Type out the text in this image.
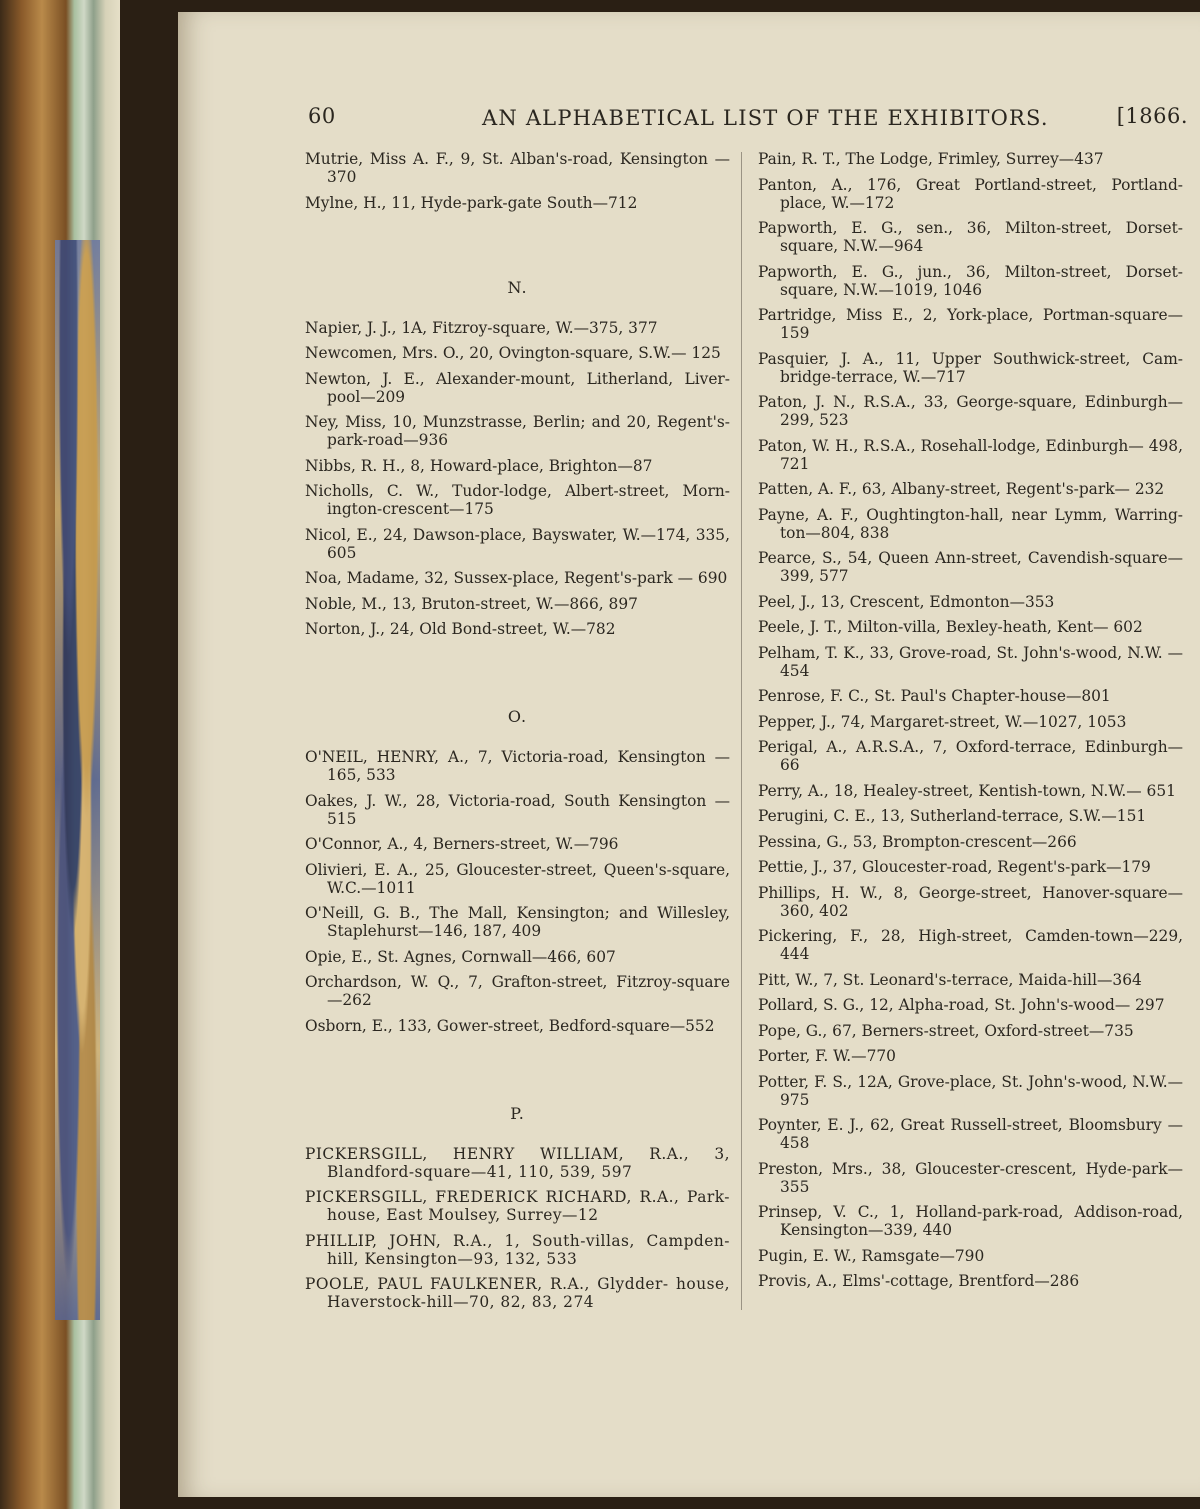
60	AN ALPHABETICAL LIST OF THE EXHIBITORS.	[1866.

Mutrie, Miss A. F., 9, St. Alban's-road, Kensington —370

Mylne, H., 11, Hyde-park-gate South—712

N.

Napier, J. J., 1A, Fitzroy-square, W.—375, 377

Newcomen, Mrs. O., 20, Ovington-square, S.W.— 125

Newton, J. E., Alexander-mount, Litherland, Liver- pool—209

Ney, Miss, 10, Munzstrasse, Berlin; and 20, Regent's- park-road—936

Nibbs, R. H., 8, Howard-place, Brighton—87

Nicholls, C. W., Tudor-lodge, Albert-street, Morn- ington-crescent—175

Nicol, E., 24, Dawson-place, Bayswater, W.—174, 335, 605

Noa, Madame, 32, Sussex-place, Regent's-park — 690

Noble, M., 13, Bruton-street, W.—866, 897

Norton, J., 24, Old Bond-street, W.—782

O.

O'NEIL, HENRY, A., 7, Victoria-road, Kensington —165, 533

Oakes, J. W., 28, Victoria-road, South Kensington —515

O'Connor, A., 4, Berners-street, W.—796

Olivieri, E. A., 25, Gloucester-street, Queen's-square, W.C.—1011

O'Neill, G. B., The Mall, Kensington; and Willesley, Staplehurst—146, 187, 409

Opie, E., St. Agnes, Cornwall—466, 607

Orchardson, W. Q., 7, Grafton-street, Fitzroy-square —262

Osborn, E., 133, Gower-street, Bedford-square—552

P.

PICKERSGILL, HENRY WILLIAM, R.A., 3, Blandford-square—41, 110, 539, 597

PICKERSGILL, FREDERICK RICHARD, R.A., Park-house, East Moulsey, Surrey—12

PHILLIP, JOHN, R.A., 1, South-villas, Campden- hill, Kensington—93, 132, 533

POOLE, PAUL FAULKENER, R.A., Glydder- house, Haverstock-hill—70, 82, 83, 274

Pain, R. T., The Lodge, Frimley, Surrey—437

Panton, A., 176, Great Portland-street, Portland- place, W.—172

Papworth, E. G., sen., 36, Milton-street, Dorset- square, N.W.—964

Papworth, E. G., jun., 36, Milton-street, Dorset- square, N.W.—1019, 1046

Partridge, Miss E., 2, York-place, Portman-square— 159

Pasquier, J. A., 11, Upper Southwick-street, Cam- bridge-terrace, W.—717

Paton, J. N., R.S.A., 33, George-square, Edinburgh— 299, 523

Paton, W. H., R.S.A., Rosehall-lodge, Edinburgh— 498, 721

Patten, A. F., 63, Albany-street, Regent's-park— 232

Payne, A. F., Oughtington-hall, near Lymm, Warring- ton—804, 838

Pearce, S., 54, Queen Ann-street, Cavendish-square— 399, 577

Peel, J., 13, Crescent, Edmonton—353

Peele, J. T., Milton-villa, Bexley-heath, Kent— 602

Pelham, T. K., 33, Grove-road, St. John's-wood, N.W. —454

Penrose, F. C., St. Paul's Chapter-house—801

Pepper, J., 74, Margaret-street, W.—1027, 1053

Perigal, A., A.R.S.A., 7, Oxford-terrace, Edinburgh— 66

Perry, A., 18, Healey-street, Kentish-town, N.W.— 651

Perugini, C. E., 13, Sutherland-terrace, S.W.—151

Pessina, G., 53, Brompton-crescent—266

Pettie, J., 37, Gloucester-road, Regent's-park—179

Phillips, H. W., 8, George-street, Hanover-square— 360, 402

Pickering, F., 28, High-street, Camden-town—229, 444

Pitt, W., 7, St. Leonard's-terrace, Maida-hill—364

Pollard, S. G., 12, Alpha-road, St. John's-wood— 297

Pope, G., 67, Berners-street, Oxford-street—735

Porter, F. W.—770

Potter, F. S., 12A, Grove-place, St. John's-wood, N.W.—975

Poynter, E. J., 62, Great Russell-street, Bloomsbury —458

Preston, Mrs., 38, Gloucester-crescent, Hyde-park— 355

Prinsep, V. C., 1, Holland-park-road, Addison-road, Kensington—339, 440

Pugin, E. W., Ramsgate—790

Provis, A., Elms'-cottage, Brentford—286
